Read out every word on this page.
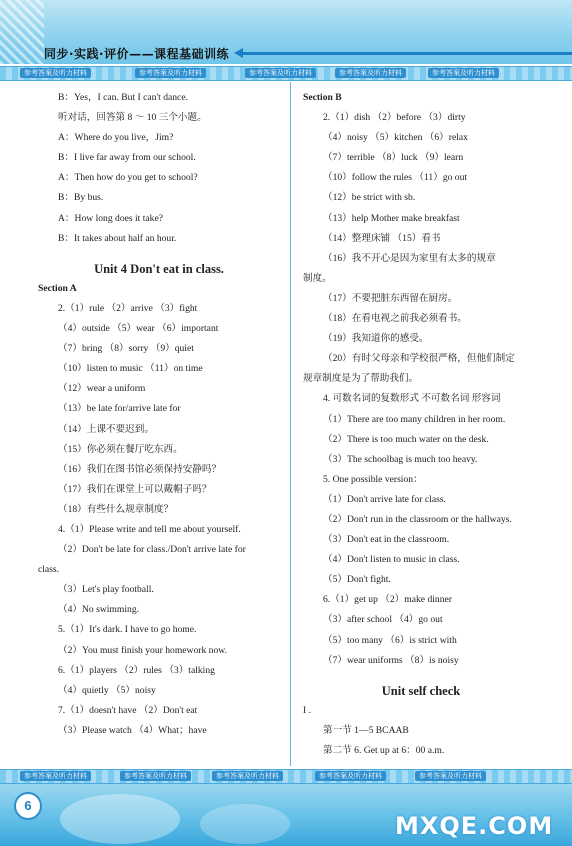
同步·实践·评价——课程基础训练
参考答案及听力材料	参考答案及听力材料	参考答案及听力材料	参考答案及听力材料	参考答案及听力材料
B：Yes，I can. But I can't dance.
听对话，回答第 8 ～ 10 三个小题。
A：Where do you live，Jim?
B：I live far away from our school.
A：Then how do you get to school?
B：By bus.
A：How long does it take?
B：It takes about half an hour.
Unit 4 Don't eat in class.
Section A
2.（1）rule （2）arrive （3）fight
（4）outside （5）wear （6）important
（7）bring （8）sorry （9）quiet
（10）listen to music （11）on time
（12）wear a uniform
（13）be late for/arrive late for
（14）上课不要迟到。
（15）你必须在餐厅吃东西。
（16）我们在图书馆必须保持安静吗？
（17）我们在课堂上可以戴帽子吗？
（18）有些什么规章制度？
4.（1）Please write and tell me about yourself.
（2）Don't be late for class./Don't arrive late for
class.
（3）Let's play football.
（4）No swimming.
5.（1）It's dark. I have to go home.
（2）You must finish your homework now.
6.（1）players （2）rules （3）talking
（4）quietly （5）noisy
7.（1）doesn't have （2）Don't eat
（3）Please watch （4）What；have
Section B
2.（1）dish （2）before （3）dirty
（4）noisy （5）kitchen （6）relax
（7）terrible （8）luck （9）learn
（10）follow the rules （11）go out
（12）be strict with sb.
（13）help Mother make breakfast
（14）整理床铺 （15）看书
（16）我不开心是因为家里有太多的规章
制度。
（17）不要把脏东西留在厨房。
（18）在看电视之前我必须看书。
（19）我知道你的感受。
（20）有时父母亲和学校很严格，但他们制定
规章制度是为了帮助我们。
4. 可数名词的复数形式 不可数名词 形容词
（1）There are too many children in her room.
（2）There is too much water on the desk.
（3）The schoolbag is much too heavy.
5. One possible version：
（1）Don't arrive late for class.
（2）Don't run in the classroom or the hallways.
（3）Don't eat in the classroom.
（4）Don't listen to music in class.
（5）Don't fight.
6.（1）get up （2）make dinner
（3）after school （4）go out
（5）too many （6）is strict with
（7）wear uniforms （8）is noisy
Unit self check
I .
第一节 1—5 BCAAB
第二节 6. Get up at 6：00 a.m.
参考答案及听力材料	参考答案及听力材料	参考答案及听力材料	参考答案及听力材料	参考答案及听力材料
6
MXQE.COM
